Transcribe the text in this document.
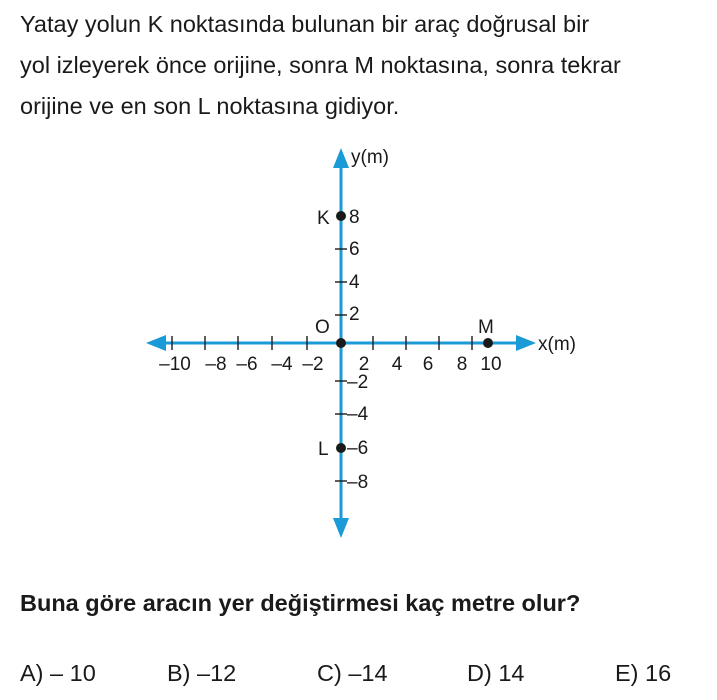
Yatay yolun K noktasında bulunan bir araç doğrusal bir
yol izleyerek önce orijine, sonra M noktasına, sonra tekrar
orijine ve en son L noktasına gidiyor.

–10 –8 –6 –4 –2 2 4 6 8 10
2
4
6
8
–2
–4
–6
–8
y(m)
x(m)
K
O	M
L

Buna göre aracın yer değiştirmesi kaç metre olur?

A) – 10	B) –12	C) –14	D) 14	E) 16
